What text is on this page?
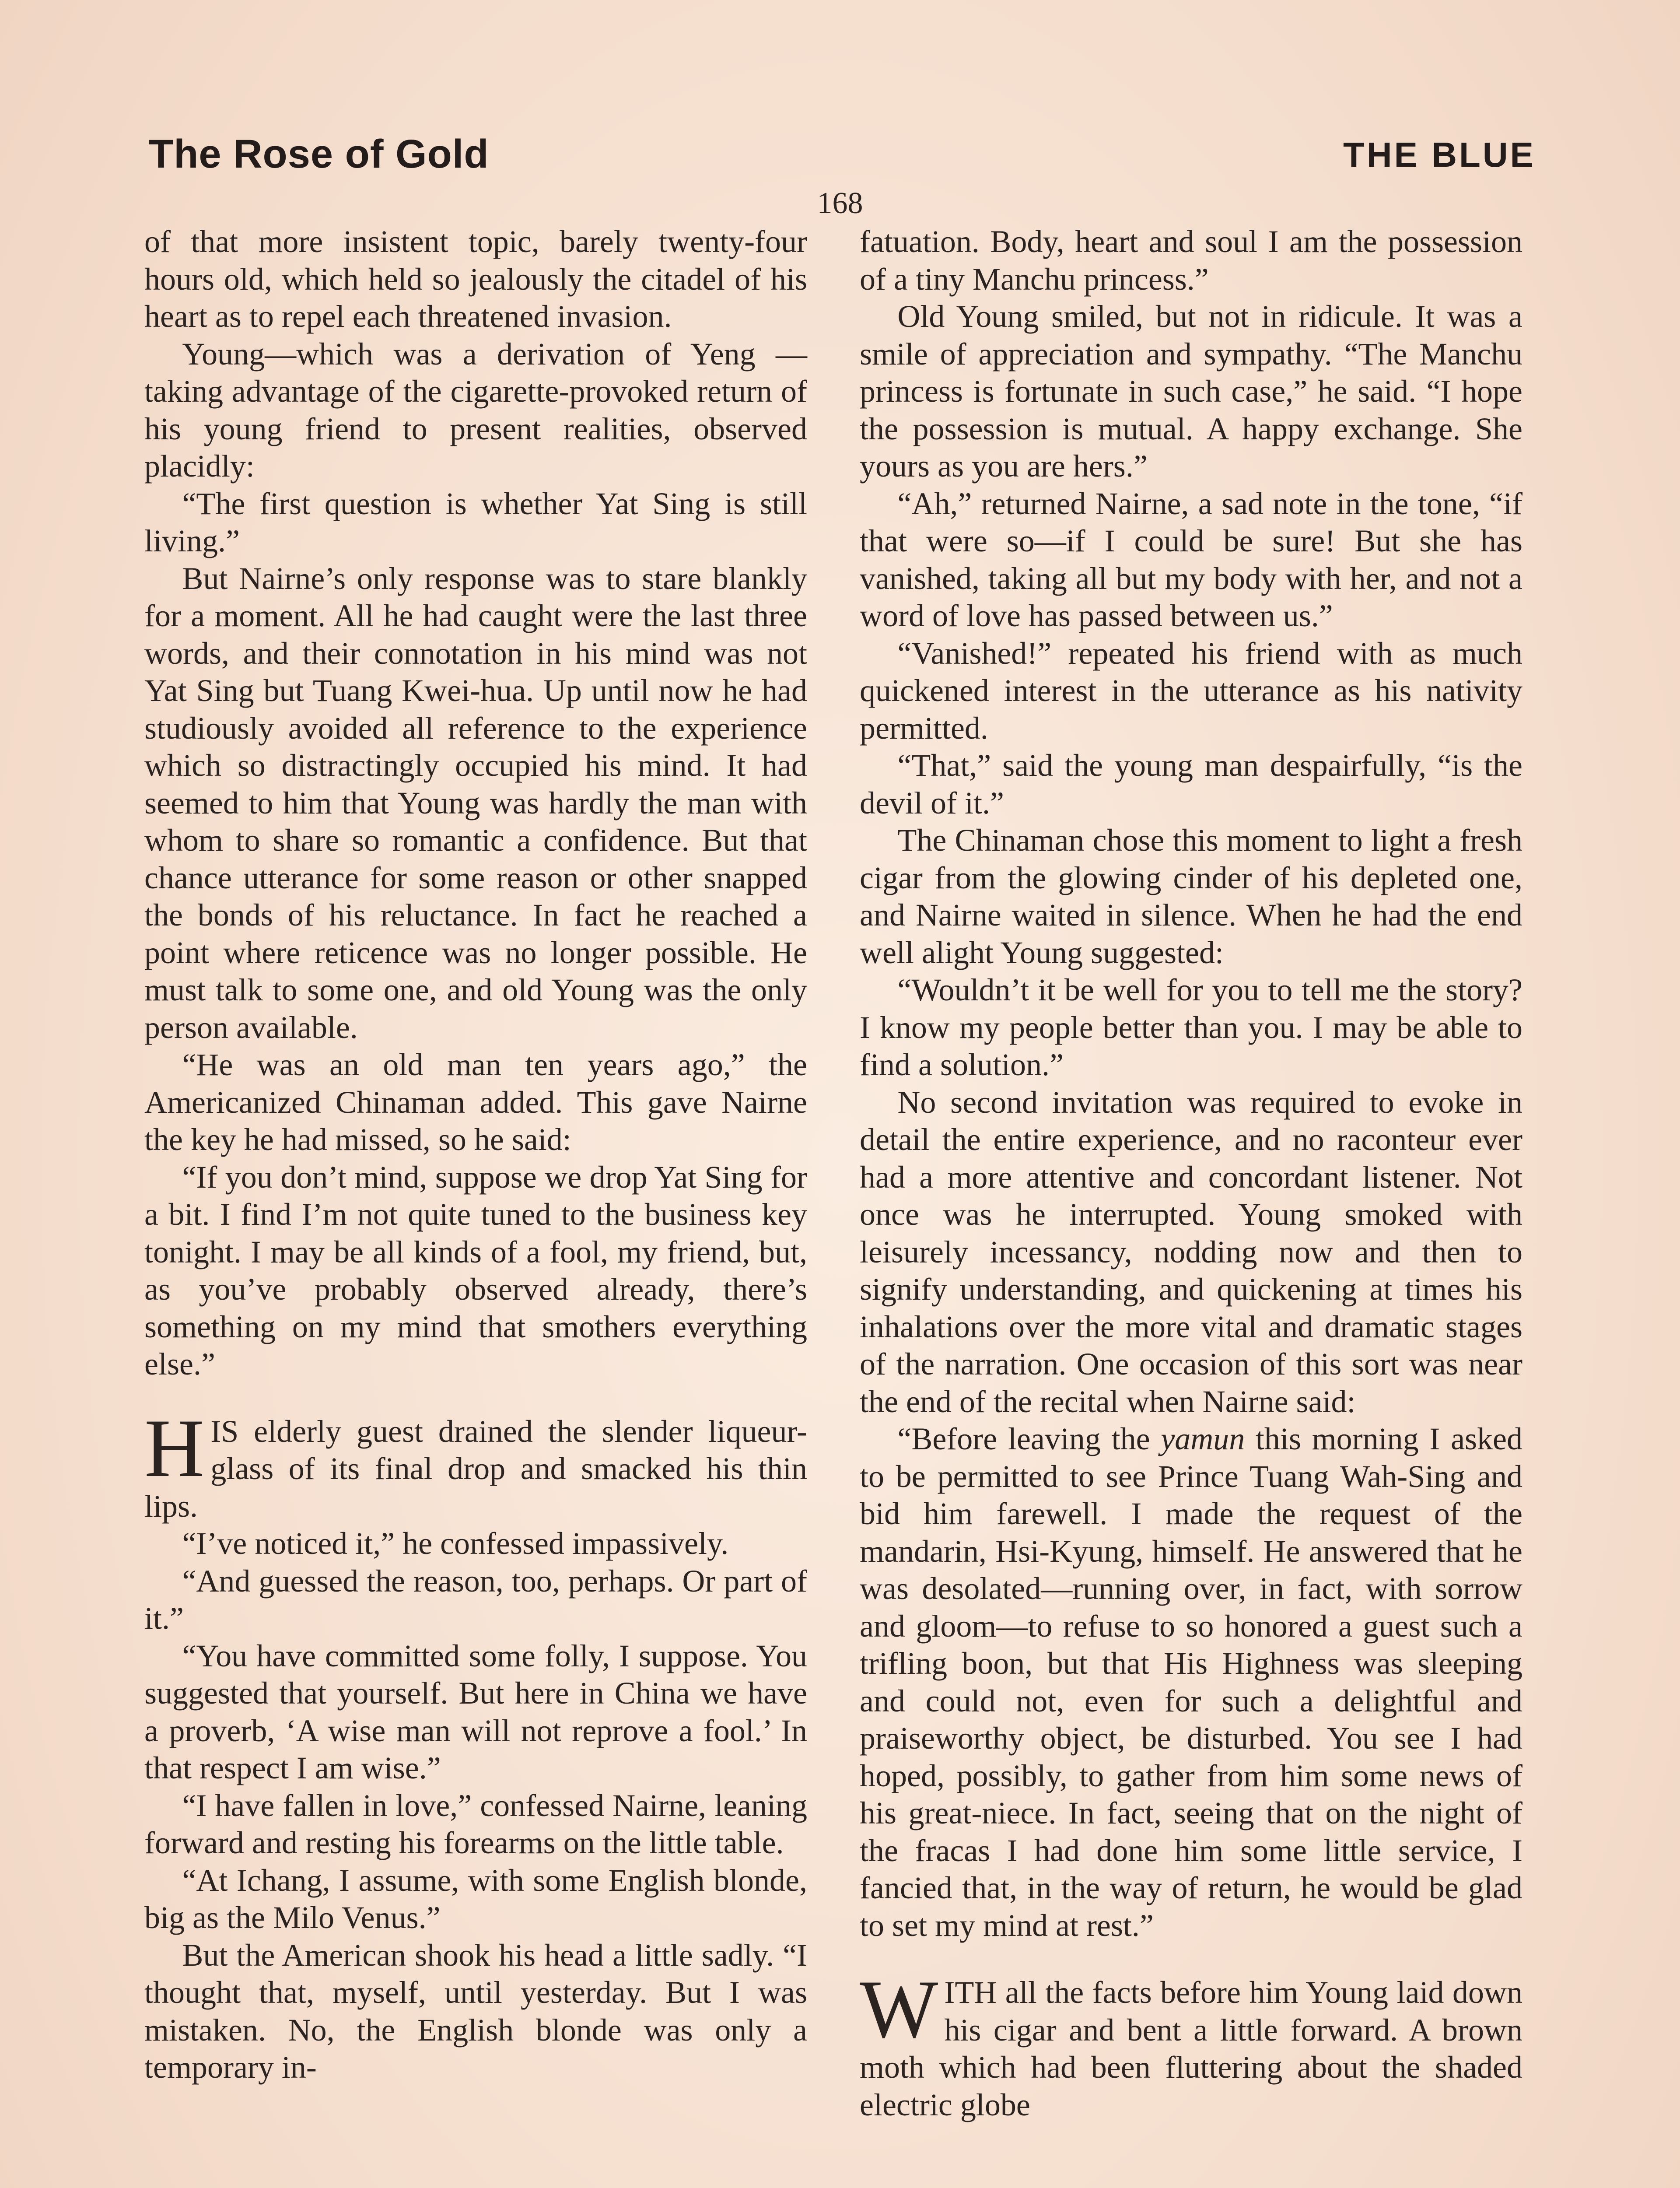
The Rose of Gold	THE BLUE
168

of that more insistent topic, barely twenty-four hours old, which held so jealously the citadel of his heart as to repel each threatened invasion.

Young—which was a derivation of Yeng —taking advantage of the cigarette-provoked return of his young friend to present realities, observed placidly:

“The first question is whether Yat Sing is still living.”

But Nairne’s only response was to stare blankly for a moment. All he had caught were the last three words, and their connotation in his mind was not Yat Sing but Tuang Kwei-hua. Up until now he had studiously avoided all reference to the experience which so distractingly occupied his mind. It had seemed to him that Young was hardly the man with whom to share so romantic a confidence. But that chance utterance for some reason or other snapped the bonds of his reluctance. In fact he reached a point where reticence was no longer possible. He must talk to some one, and old Young was the only person available.

“He was an old man ten years ago,” the Americanized Chinaman added. This gave Nairne the key he had missed, so he said:

“If you don’t mind, suppose we drop Yat Sing for a bit. I find I’m not quite tuned to the business key tonight. I may be all kinds of a fool, my friend, but, as you’ve probably observed already, there’s something on my mind that smothers everything else.”

HIS elderly guest drained the slender liqueur-glass of its final drop and smacked his thin lips.

“I’ve noticed it,” he confessed impassively.

“And guessed the reason, too, perhaps. Or part of it.”

“You have committed some folly, I suppose. You suggested that yourself. But here in China we have a proverb, ‘A wise man will not reprove a fool.’ In that respect I am wise.”

“I have fallen in love,” confessed Nairne, leaning forward and resting his forearms on the little table.

“At Ichang, I assume, with some English blonde, big as the Milo Venus.”

But the American shook his head a little sadly. “I thought that, myself, until yesterday. But I was mistaken. No, the English blonde was only a temporary in-

fatuation. Body, heart and soul I am the possession of a tiny Manchu princess.”

Old Young smiled, but not in ridicule. It was a smile of appreciation and sympathy. “The Manchu princess is fortunate in such case,” he said. “I hope the possession is mutual. A happy exchange. She yours as you are hers.”

“Ah,” returned Nairne, a sad note in the tone, “if that were so—if I could be sure! But she has vanished, taking all but my body with her, and not a word of love has passed between us.”

“Vanished!” repeated his friend with as much quickened interest in the utterance as his nativity permitted.

“That,” said the young man despairfully, “is the devil of it.”

The Chinaman chose this moment to light a fresh cigar from the glowing cinder of his depleted one, and Nairne waited in silence. When he had the end well alight Young suggested:

“Wouldn’t it be well for you to tell me the story? I know my people better than you. I may be able to find a solution.”

No second invitation was required to evoke in detail the entire experience, and no raconteur ever had a more attentive and concordant listener. Not once was he interrupted. Young smoked with leisurely incessancy, nodding now and then to signify understanding, and quickening at times his inhalations over the more vital and dramatic stages of the narration. One occasion of this sort was near the end of the recital when Nairne said:

“Before leaving the yamun this morning I asked to be permitted to see Prince Tuang Wah-Sing and bid him farewell. I made the request of the mandarin, Hsi-Kyung, himself. He answered that he was desolated—running over, in fact, with sorrow and gloom—to refuse to so honored a guest such a trifling boon, but that His Highness was sleeping and could not, even for such a delightful and praiseworthy object, be disturbed. You see I had hoped, possibly, to gather from him some news of his great-niece. In fact, seeing that on the night of the fracas I had done him some little service, I fancied that, in the way of return, he would be glad to set my mind at rest.”

WITH all the facts before him Young laid down his cigar and bent a little forward. A brown moth which had been fluttering about the shaded electric globe
